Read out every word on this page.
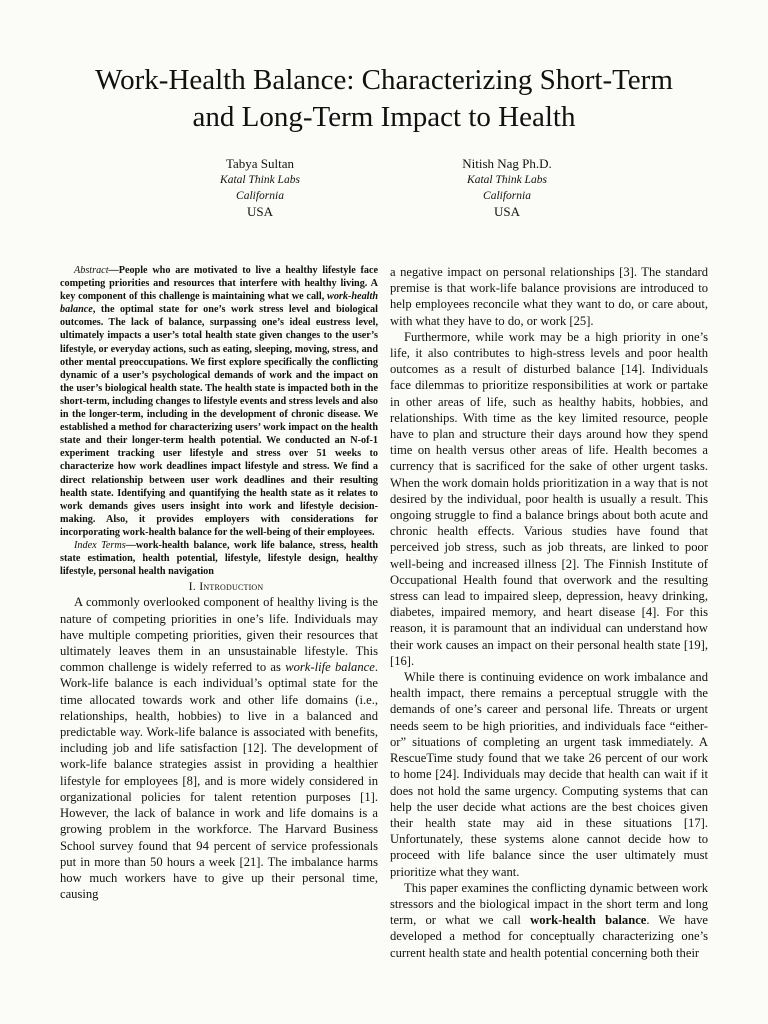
Work-Health Balance: Characterizing Short-Term
and Long-Term Impact to Health
Tabya Sultan
Katal Think Labs
California
USA
Nitish Nag Ph.D.
Katal Think Labs
California
USA

Abstract—People who are motivated to live a healthy lifestyle face competing priorities and resources that interfere with healthy living. A key component of this challenge is maintaining what we call, work-health balance, the optimal state for one’s work stress level and biological outcomes. The lack of balance, surpassing one’s ideal eustress level, ultimately impacts a user’s total health state given changes to the user’s lifestyle, or everyday actions, such as eating, sleeping, moving, stress, and other mental preoccupations. We first explore specifically the conflicting dynamic of a user’s psychological demands of work and the impact on the user’s biological health state. The health state is impacted both in the short-term, including changes to lifestyle events and stress levels and also in the longer-term, including in the development of chronic disease. We established a method for characterizing users’ work impact on the health state and their longer-term health potential. We conducted an N-of-1 experiment tracking user lifestyle and stress over 51 weeks to characterize how work deadlines impact lifestyle and stress. We find a direct relationship between user work deadlines and their resulting health state. Identifying and quantifying the health state as it relates to work demands gives users insight into work and lifestyle decision-making. Also, it provides employers with considerations for incorporating work-health balance for the well-being of their employees.

Index Terms—work-health balance, work life balance, stress, health state estimation, health potential, lifestyle, lifestyle design, healthy lifestyle, personal health navigation

I. Introduction

A commonly overlooked component of healthy living is the nature of competing priorities in one’s life. Individuals may have multiple competing priorities, given their resources that ultimately leaves them in an unsustainable lifestyle. This common challenge is widely referred to as work-life balance. Work-life balance is each individual’s optimal state for the time allocated towards work and other life domains (i.e., relationships, health, hobbies) to live in a balanced and predictable way. Work-life balance is associated with benefits, including job and life satisfaction [12]. The development of work-life balance strategies assist in providing a healthier lifestyle for employees [8], and is more widely considered in organizational policies for talent retention purposes [1]. However, the lack of balance in work and life domains is a growing problem in the workforce. The Harvard Business School survey found that 94 percent of service professionals put in more than 50 hours a week [21]. The imbalance harms how much workers have to give up their personal time, causing

a negative impact on personal relationships [3]. The standard premise is that work-life balance provisions are introduced to help employees reconcile what they want to do, or care about, with what they have to do, or work [25].

Furthermore, while work may be a high priority in one’s life, it also contributes to high-stress levels and poor health outcomes as a result of disturbed balance [14]. Individuals face dilemmas to prioritize responsibilities at work or partake in other areas of life, such as healthy habits, hobbies, and relationships. With time as the key limited resource, people have to plan and structure their days around how they spend time on health versus other areas of life. Health becomes a currency that is sacrificed for the sake of other urgent tasks. When the work domain holds prioritization in a way that is not desired by the individual, poor health is usually a result. This ongoing struggle to find a balance brings about both acute and chronic health effects. Various studies have found that perceived job stress, such as job threats, are linked to poor well-being and increased illness [2]. The Finnish Institute of Occupational Health found that overwork and the resulting stress can lead to impaired sleep, depression, heavy drinking, diabetes, impaired memory, and heart disease [4]. For this reason, it is paramount that an individual can understand how their work causes an impact on their personal health state [19], [16].

While there is continuing evidence on work imbalance and health impact, there remains a perceptual struggle with the demands of one’s career and personal life. Threats or urgent needs seem to be high priorities, and individuals face “either-or” situations of completing an urgent task immediately. A RescueTime study found that we take 26 percent of our work to home [24]. Individuals may decide that health can wait if it does not hold the same urgency. Computing systems that can help the user decide what actions are the best choices given their health state may aid in these situations [17]. Unfortunately, these systems alone cannot decide how to proceed with life balance since the user ultimately must prioritize what they want.

This paper examines the conflicting dynamic between work stressors and the biological impact in the short term and long term, or what we call work-health balance. We have developed a method for conceptually characterizing one’s current health state and health potential concerning both their
